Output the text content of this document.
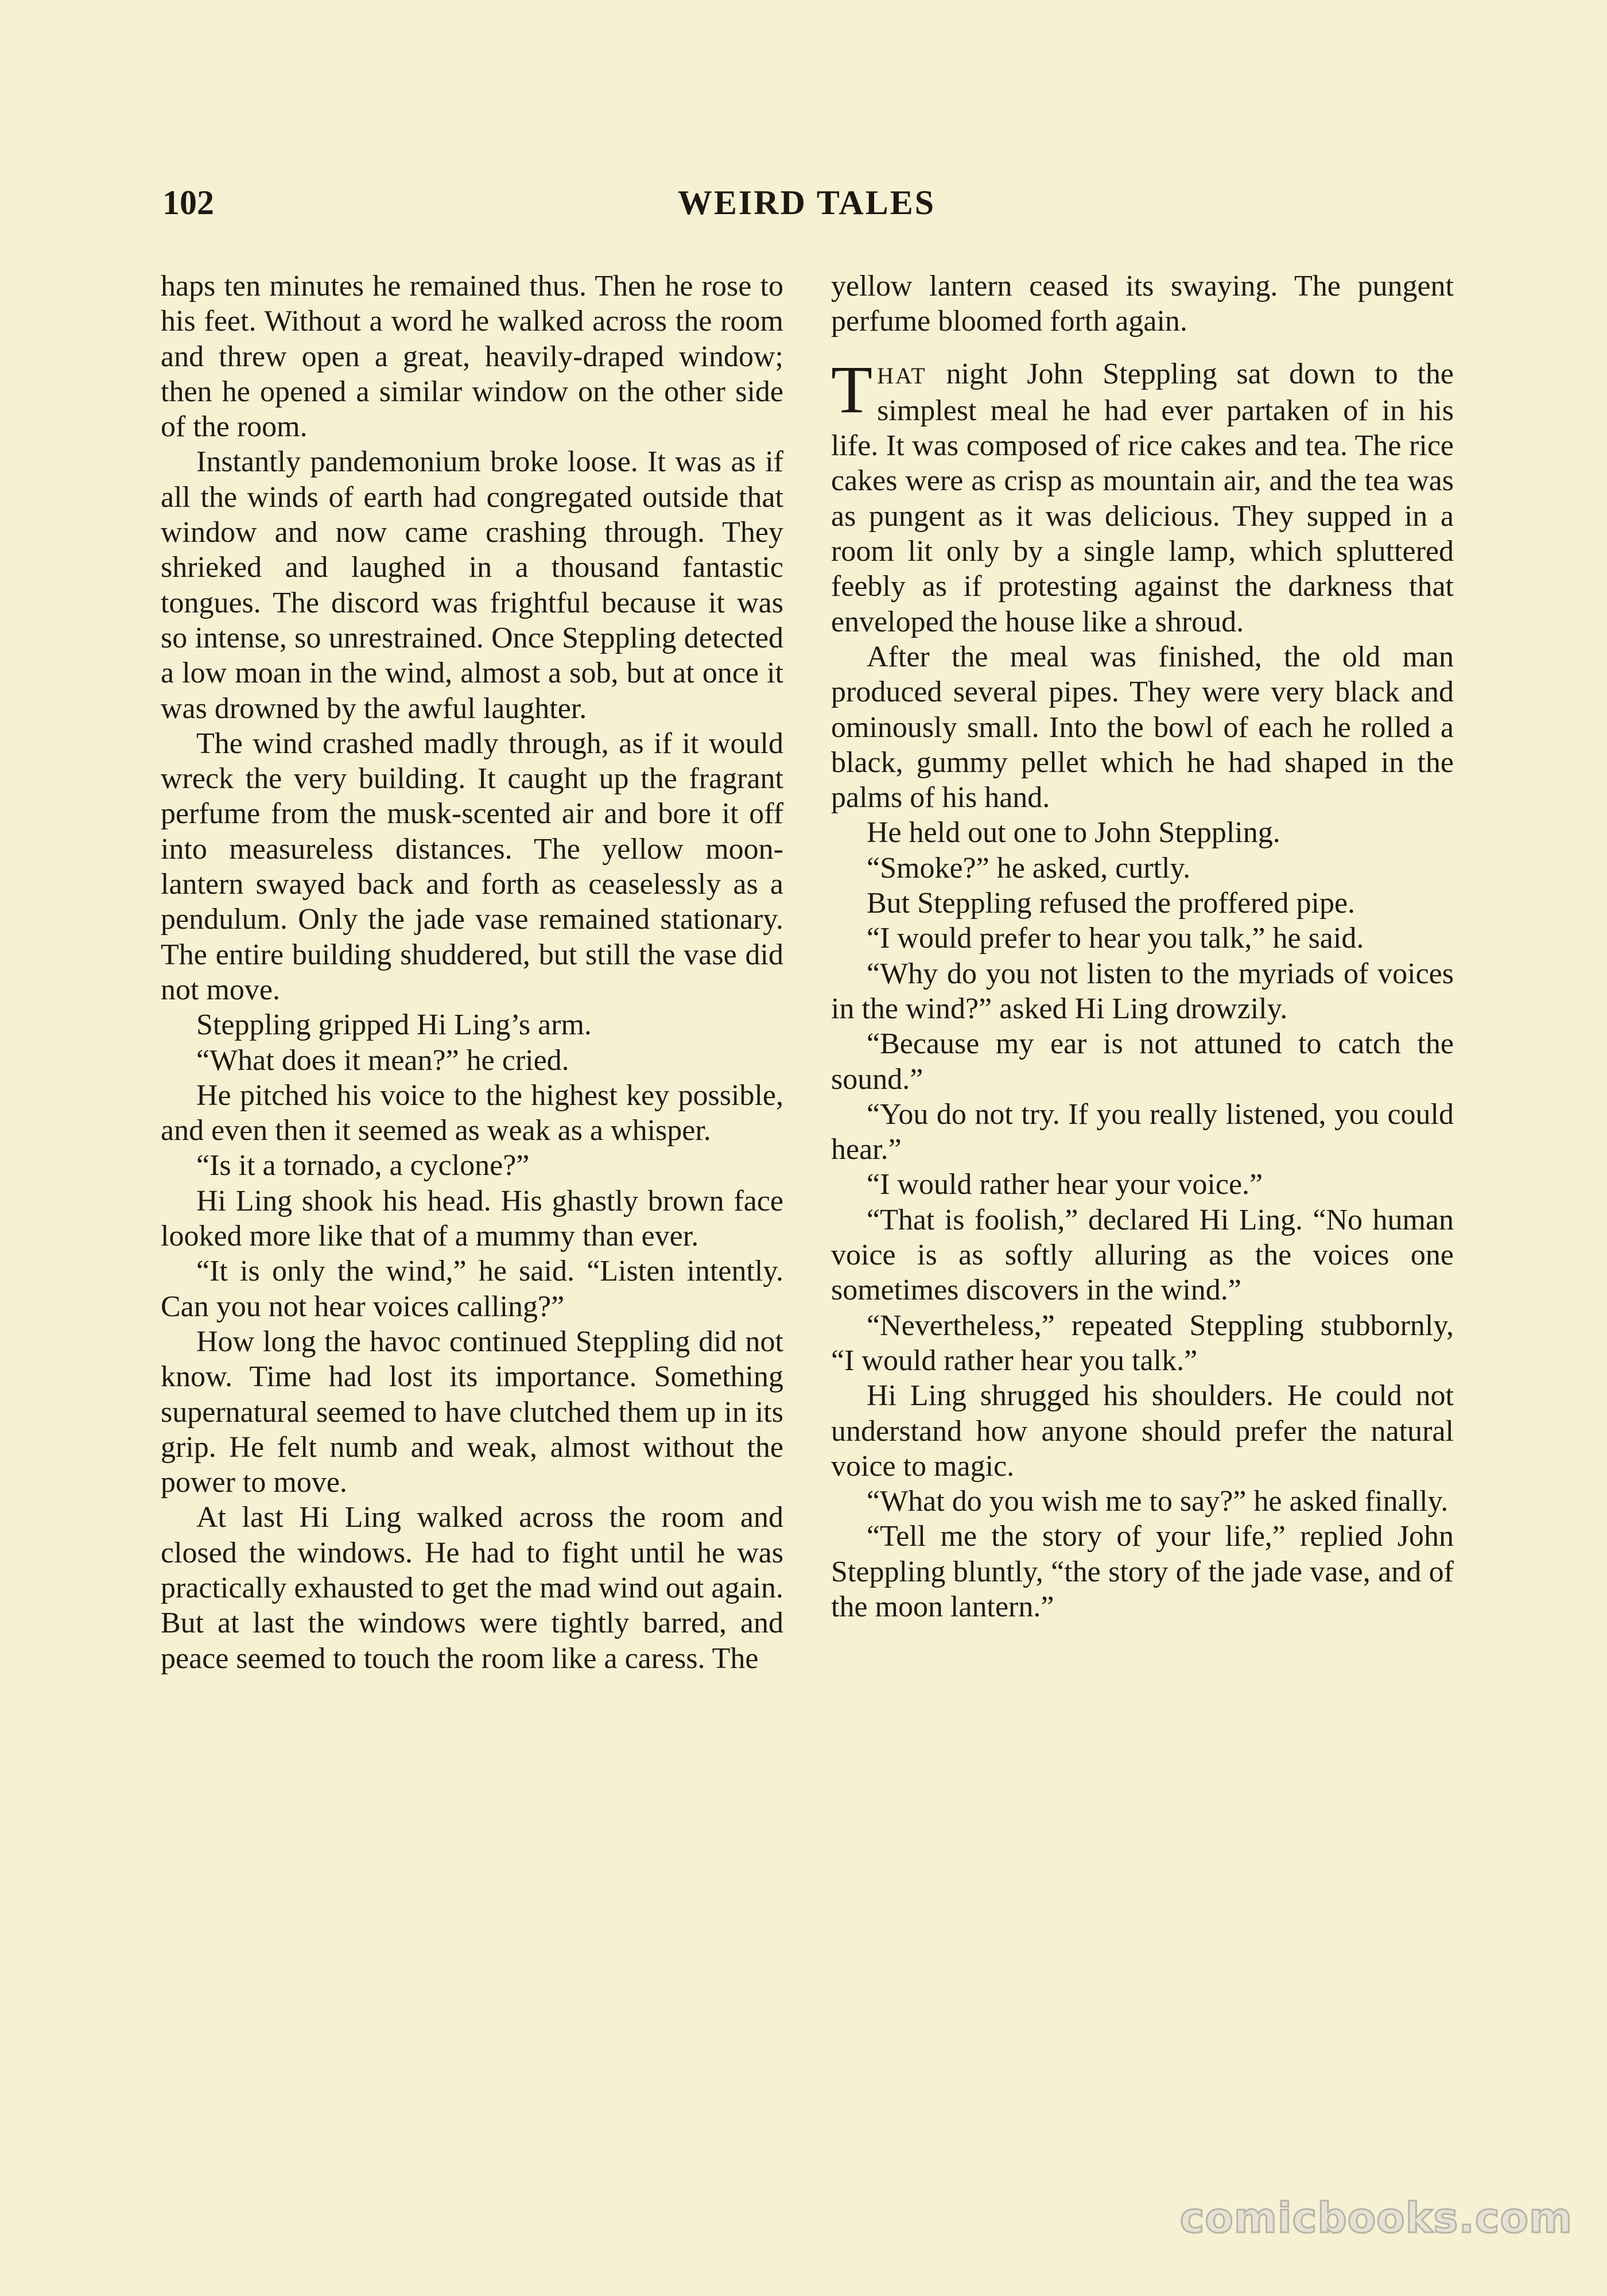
102	WEIRD TALES

haps ten minutes he remained thus. Then he rose to his feet. Without a word he walked across the room and threw open a great, heavily-draped window; then he opened a similar window on the other side of the room.

Instantly pandemonium broke loose. It was as if all the winds of earth had congregated outside that window and now came crashing through. They shrieked and laughed in a thousand fantastic tongues. The discord was frightful because it was so intense, so unrestrained. Once Steppling detected a low moan in the wind, almost a sob, but at once it was drowned by the awful laughter.

The wind crashed madly through, as if it would wreck the very building. It caught up the fragrant perfume from the musk-scented air and bore it off into measureless distances. The yellow moon-lantern swayed back and forth as ceaselessly as a pendulum. Only the jade vase remained stationary. The entire building shuddered, but still the vase did not move.

Steppling gripped Hi Ling’s arm.

“What does it mean?” he cried.

He pitched his voice to the highest key possible, and even then it seemed as weak as a whisper.

“Is it a tornado, a cyclone?”

Hi Ling shook his head. His ghastly brown face looked more like that of a mummy than ever.

“It is only the wind,” he said. “Listen intently. Can you not hear voices calling?”

How long the havoc continued Steppling did not know. Time had lost its importance. Something supernatural seemed to have clutched them up in its grip. He felt numb and weak, almost without the power to move.

At last Hi Ling walked across the room and closed the windows. He had to fight until he was practically exhausted to get the mad wind out again. But at last the windows were tightly barred, and peace seemed to touch the room like a caress. The

yellow lantern ceased its swaying. The pungent perfume bloomed forth again.

THAT night John Steppling sat down to the simplest meal he had ever partaken of in his life. It was composed of rice cakes and tea. The rice cakes were as crisp as mountain air, and the tea was as pungent as it was delicious. They supped in a room lit only by a single lamp, which spluttered feebly as if protesting against the darkness that enveloped the house like a shroud.

After the meal was finished, the old man produced several pipes. They were very black and ominously small. Into the bowl of each he rolled a black, gummy pellet which he had shaped in the palms of his hand.

He held out one to John Steppling.

“Smoke?” he asked, curtly.

But Steppling refused the proffered pipe.

“I would prefer to hear you talk,” he said.

“Why do you not listen to the myriads of voices in the wind?” asked Hi Ling drowzily.

“Because my ear is not attuned to catch the sound.”

“You do not try. If you really listened, you could hear.”

“I would rather hear your voice.”

“That is foolish,” declared Hi Ling. “No human voice is as softly alluring as the voices one sometimes discovers in the wind.”

“Nevertheless,” repeated Steppling stubbornly, “I would rather hear you talk.”

Hi Ling shrugged his shoulders. He could not understand how anyone should prefer the natural voice to magic.

“What do you wish me to say?” he asked finally.

“Tell me the story of your life,” replied John Steppling bluntly, “the story of the jade vase, and of the moon lantern.”

comicbooks.com
